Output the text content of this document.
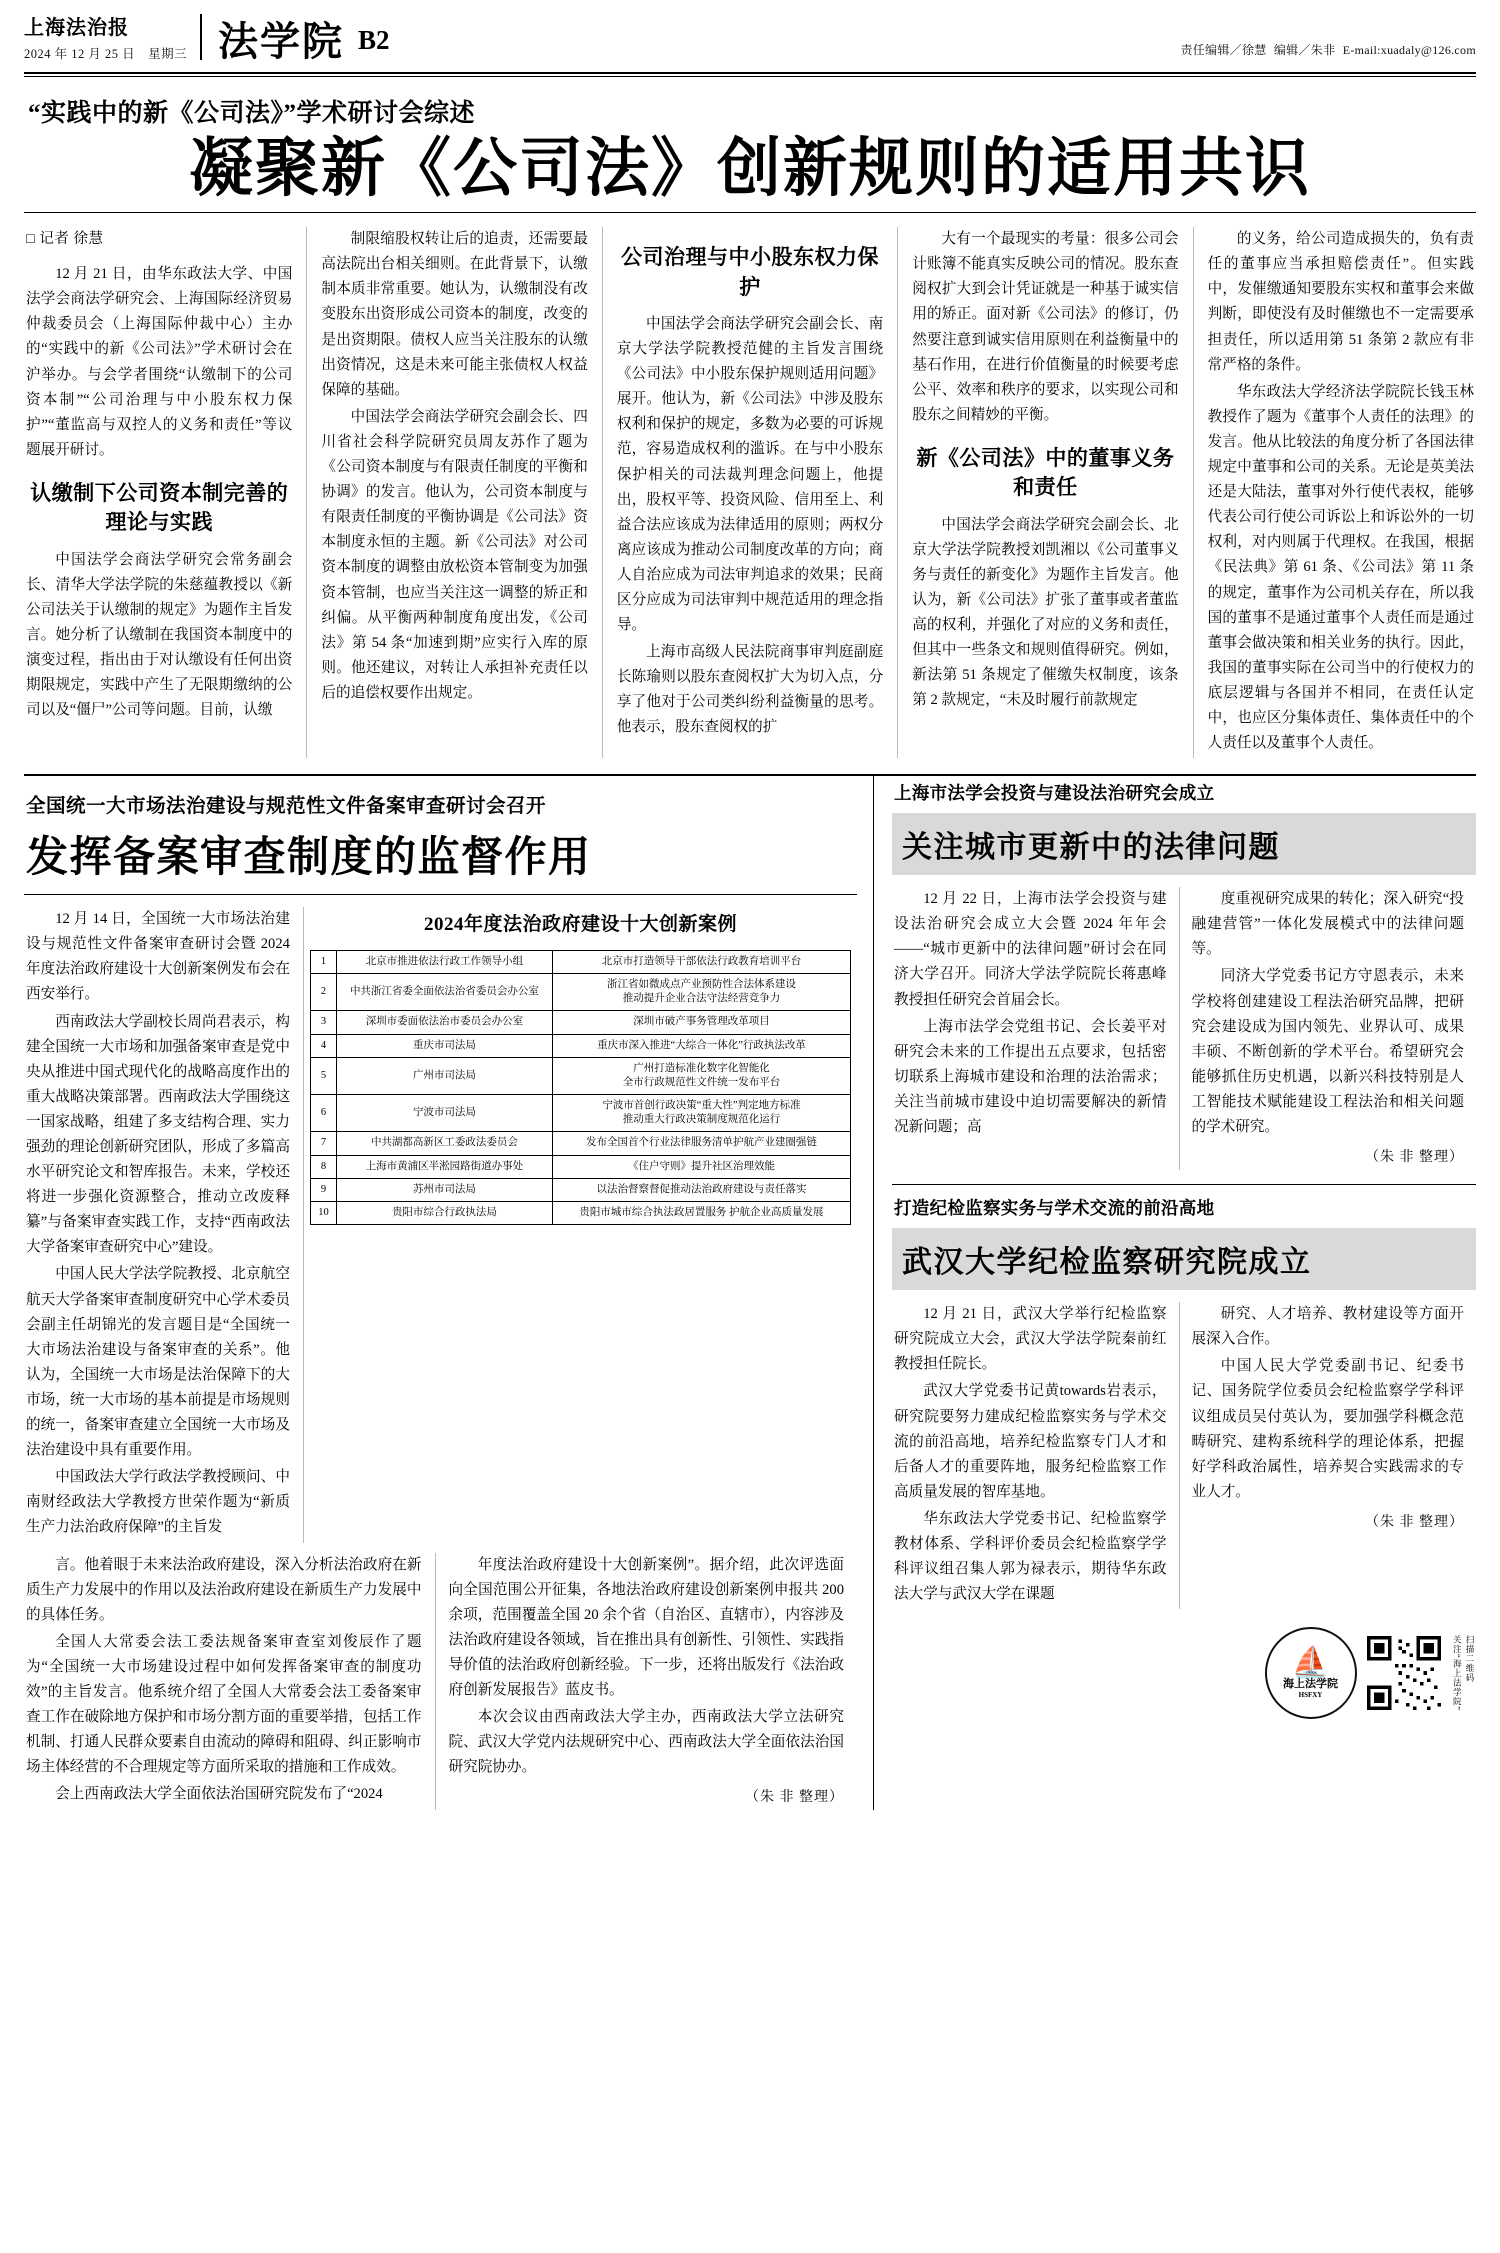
上海法治报
2024 年 12 月 25 日　星期三 法学院 B2	责任编辑／徐慧 编辑／朱非 E-mail:xuadaly@126.com
“实践中的新《公司法》”学术研讨会综述
凝聚新《公司法》创新规则的适用共识
□ 记者 徐慧

12 月 21 日，由华东政法大学、中国法学会商法学研究会、上海国际经济贸易仲裁委员会（上海国际仲裁中心）主办的“实践中的新《公司法》”学术研讨会在沪举办。与会学者围绕“认缴制下的公司资本制”“公司治理与中小股东权力保护”“董监高与双控人的义务和责任”等议题展开研讨。

认缴制下公司资本制完善的理论与实践

中国法学会商法学研究会常务副会长、清华大学法学院的朱慈蕴教授以《新公司法关于认缴制的规定》为题作主旨发言。她分析了认缴制在我国资本制度中的演变过程，指出由于对认缴设有任何出资期限规定，实践中产生了无限期缴纳的公司以及“僵尸”公司等问题。目前，认缴

制限缩股权转让后的追责，还需要最高法院出台相关细则。在此背景下，认缴制本质非常重要。她认为，认缴制没有改变股东出资形成公司资本的制度，改变的是出资期限。债权人应当关注股东的认缴出资情况，这是未来可能主张债权人权益保障的基础。

中国法学会商法学研究会副会长、四川省社会科学院研究员周友苏作了题为《公司资本制度与有限责任制度的平衡和协调》的发言。他认为，公司资本制度与有限责任制度的平衡协调是《公司法》资本制度永恒的主题。新《公司法》对公司资本制度的调整由放松资本管制变为加强资本管制，也应当关注这一调整的矫正和纠偏。从平衡两种制度角度出发，《公司法》第 54 条“加速到期”应实行入库的原则。他还建议，对转让人承担补充责任以后的追偿权要作出规定。

公司治理与中小股东权力保护

中国法学会商法学研究会副会长、南京大学法学院教授范健的主旨发言围绕《公司法》中小股东保护规则适用问题》展开。他认为，新《公司法》中涉及股东权利和保护的规定，多数为必要的可诉规范，容易造成权利的滥诉。在与中小股东保护相关的司法裁判理念问题上，他提出，股权平等、投资风险、信用至上、利益合法应该成为法律适用的原则；两权分离应该成为推动公司制度改革的方向；商人自治应成为司法审判追求的效果；民商区分应成为司法审判中规范适用的理念指导。

上海市高级人民法院商事审判庭副庭长陈瑜则以股东查阅权扩大为切入点，分享了他对于公司类纠纷利益衡量的思考。他表示，股东查阅权的扩

大有一个最现实的考量：很多公司会计账簿不能真实反映公司的情况。股东查阅权扩大到会计凭证就是一种基于诚实信用的矫正。面对新《公司法》的修订，仍然要注意到诚实信用原则在利益衡量中的基石作用，在进行价值衡量的时候要考虑公平、效率和秩序的要求，以实现公司和股东之间精妙的平衡。

新《公司法》中的董事义务和责任

中国法学会商法学研究会副会长、北京大学法学院教授刘凯湘以《公司董事义务与责任的新变化》为题作主旨发言。他认为，新《公司法》扩张了董事或者董监高的权利，并强化了对应的义务和责任，但其中一些条文和规则值得研究。例如，新法第 51 条规定了催缴失权制度，该条第 2 款规定，“未及时履行前款规定

的义务，给公司造成损失的，负有责任的董事应当承担赔偿责任”。但实践中，发催缴通知要股东实权和董事会来做判断，即使没有及时催缴也不一定需要承担责任，所以适用第 51 条第 2 款应有非常严格的条件。

华东政法大学经济法学院院长钱玉林教授作了题为《董事个人责任的法理》的发言。他从比较法的角度分析了各国法律规定中董事和公司的关系。无论是英美法还是大陆法，董事对外行使代表权，能够代表公司行使公司诉讼上和诉讼外的一切权利，对内则属于代理权。在我国，根据《民法典》第 61 条、《公司法》第 11 条的规定，董事作为公司机关存在，所以我国的董事不是通过董事个人责任而是通过董事会做决策和相关业务的执行。因此，我国的董事实际在公司当中的行使权力的底层逻辑与各国并不相同，在责任认定中，也应区分集体责任、集体责任中的个人责任以及董事个人责任。

全国统一大市场法治建设与规范性文件备案审查研讨会召开
发挥备案审查制度的监督作用

12 月 14 日，全国统一大市场法治建设与规范性文件备案审查研讨会暨 2024 年度法治政府建设十大创新案例发布会在西安举行。

西南政法大学副校长周尚君表示，构建全国统一大市场和加强备案审查是党中央从推进中国式现代化的战略高度作出的重大战略决策部署。西南政法大学围绕这一国家战略，组建了多支结构合理、实力强劲的理论创新研究团队，形成了多篇高水平研究论文和智库报告。未来，学校还将进一步强化资源整合，推动立改废释纂”与备案审查实践工作，支持“西南政法大学备案审查研究中心”建设。

中国人民大学法学院教授、北京航空航天大学备案审查制度研究中心学术委员会副主任胡锦光的发言题目是“全国统一大市场法治建设与备案审查的关系”。他认为，全国统一大市场是法治保障下的大市场，统一大市场的基本前提是市场规则的统一，备案审查建立全国统一大市场及法治建设中具有重要作用。

中国政法大学行政法学教授顾问、中南财经政法大学教授方世荣作题为“新质生产力法治政府保障”的主旨发

2024年度法治政府建设十大创新案例
1	北京市推进依法行政工作领导小组	北京市打造领导干部依法行政教育培训平台
2	中共浙江省委全面依法治省委员会办公室	浙江省如微成点产业预防性合法体系建设
推动提升企业合法守法经营竞争力
3	深圳市委面依法治市委员会办公室	深圳市破产事务管理改革项目
4	重庆市司法局	重庆市深入推进“大综合一体化”行政执法改革
5	广州市司法局	广州打造标准化数字化智能化
全市行政规范性文件统一发布平台
6	宁波市司法局	宁波市首创行政决策“重大性”判定地方标准
推动重大行政决策制度规范化运行
7	中共湖都高新区工委政法委员会	发布全国首个行业法律服务清单护航产业建圈强链
8	上海市黄浦区半淞园路街道办事处	《住户守则》提升社区治理效能
9	苏州市司法局	以法治督察督促推动法治政府建设与责任落实
10	贵阳市综合行政执法局	贵阳市城市综合执法政居置服务 护航企业高质量发展

言。他着眼于未来法治政府建设，深入分析法治政府在新质生产力发展中的作用以及法治政府建设在新质生产力发展中的具体任务。

全国人大常委会法工委法规备案审查室刘俊辰作了题为“全国统一大市场建设过程中如何发挥备案审查的制度功效”的主旨发言。他系统介绍了全国人大常委会法工委备案审查工作在破除地方保护和市场分割方面的重要举措，包括工作机制、打通人民群众要素自由流动的障碍和阻碍、纠正影响市场主体经营的不合理规定等方面所采取的措施和工作成效。

会上西南政法大学全面依法治国研究院发布了“2024

年度法治政府建设十大创新案例”。据介绍，此次评选面向全国范围公开征集，各地法治政府建设创新案例申报共 200 余项，范围覆盖全国 20 余个省（自治区、直辖市），内容涉及法治政府建设各领域，旨在推出具有创新性、引领性、实践指导价值的法治政府创新经验。下一步，还将出版发行《法治政府创新发展报告》蓝皮书。

本次会议由西南政法大学主办，西南政法大学立法研究院、武汉大学党内法规研究中心、西南政法大学全面依法治国研究院协办。

（朱 非 整理）
上海市法学会投资与建设法治研究会成立
关注城市更新中的法律问题

12 月 22 日，上海市法学会投资与建设法治研究会成立大会暨 2024 年年会——“城市更新中的法律问题”研讨会在同济大学召开。同济大学法学院院长蒋惠峰教授担任研究会首届会长。

上海市法学会党组书记、会长姜平对研究会未来的工作提出五点要求，包括密切联系上海城市建设和治理的法治需求；关注当前城市建设中迫切需要解决的新情况新问题；高

度重视研究成果的转化；深入研究“投融建营管”一体化发展模式中的法律问题等。

同济大学党委书记方守恩表示，未来学校将创建建设工程法治研究品牌，把研究会建设成为国内领先、业界认可、成果丰硕、不断创新的学术平台。希望研究会能够抓住历史机遇，以新兴科技特别是人工智能技术赋能建设工程法治和相关问题的学术研究。

（朱 非 整理）
打造纪检监察实务与学术交流的前沿高地
武汉大学纪检监察研究院成立

12 月 21 日，武汉大学举行纪检监察研究院成立大会，武汉大学法学院秦前红教授担任院长。

武汉大学党委书记黄towards岩表示，研究院要努力建成纪检监察实务与学术交流的前沿高地，培养纪检监察专门人才和后备人才的重要阵地，服务纪检监察工作高质量发展的智库基地。

华东政法大学党委书记、纪检监察学教材体系、学科评价委员会纪检监察学学科评议组召集人郭为禄表示，期待华东政法大学与武汉大学在课题

研究、人才培养、教材建设等方面开展深入合作。

中国人民大学党委副书记、纪委书记、国务院学位委员会纪检监察学学科评议组成员吴付英认为，要加强学科概念范畴研究、建构系统科学的理论体系，把握好学科政治属性，培养契合实践需求的专业人才。

（朱 非 整理）
⛵
海上法学院
HSFXY
扫描二维码
关注“海上法学院”
